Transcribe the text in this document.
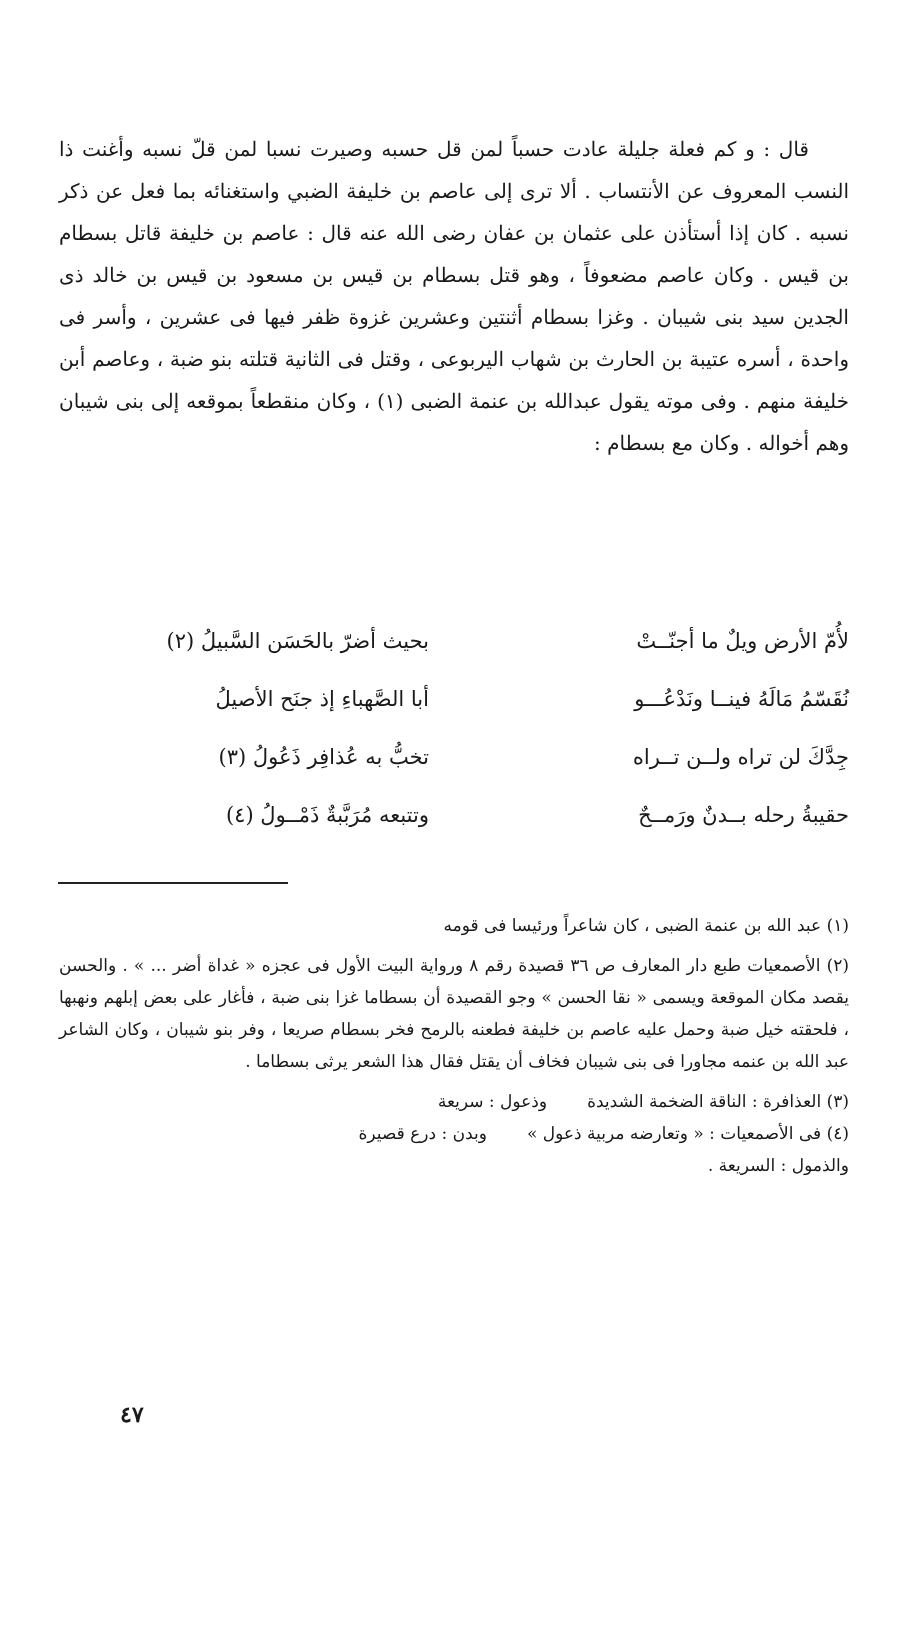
قال : و كم فعلة جليلة عادت حسباً لمن قل حسبه وصيرت نسبا لمن قلّ نسبه وأغنت ذا النسب المعروف عن الأنتساب . ألا ترى إلى عاصم بن خليفة الضبي واستغنائه بما فعل عن ذكر نسبه . كان إذا أستأذن على عثمان بن عفان رضى الله عنه قال : عاصم بن خليفة قاتل بسطام بن قيس . وكان عاصم مضعوفاً ، وهو قتل بسطام بن قيس بن مسعود بن قيس بن خالد ذى الجدين سيد بنى شيبان . وغزا بسطام أثنتين وعشرين غزوة ظفر فيها فى عشرين ، وأسر فى واحدة ، أسره عتيبة بن الحارث بن شهاب اليربوعى ، وقتل فى الثانية قتلته بنو ضبة ، وعاصم أبن خليفة منهم . وفى موته يقول عبدالله بن عنمة الضبى (١) ، وكان منقطعاً بموقعه إلى بنى شيبان وهم أخواله . وكان مع بسطام :

لأُمّ الأرض ويلٌ ما أجنّــتْ
بحيث أضرّ بالحَسَن السَّبيلُ (٢)
نُقَسّمُ مَالَهُ فينــا ونَدْعُـــو
أبا الصَّهباءِ إذ جنَح الأصيلُ
جِدَّكَ لن تراه ولــن تــراه
تخبُّ به عُذافِر ذَعُولُ (٣)
حقيبةُ رحله بــدنٌ ورَمــحٌ
وتتبعه مُرَبَّبةٌ ذَمْــولُ (٤)

(١) عبد الله بن عنمة الضبى ، كان شاعراً ورئيسا فى قومه

(٢) الأصمعيات طبع دار المعارف ص ٣٦ قصيدة رقم ٨ ورواية البيت الأول فى عجزه « غداة أضر ... » . والحسن يقصد مكان الموقعة ويسمى « نقا الحسن » وجو القصيدة أن بسطاما غزا بنى ضبة ، فأغار على بعض إبلهم ونهبها ، فلحقته خيل ضبة وحمل عليه عاصم بن خليفة فطعنه بالرمح فخر بسطام صريعا ، وفر بنو شيبان ، وكان الشاعر عبد الله بن عنمه مجاورا فى بنى شيبان فخاف أن يقتل فقال هذا الشعر يرثى بسطاما .

(٣) العذافرة : الناقة الضخمة الشديدة
وذعول : سريعة
(٤) فى الأصمعيات : « وتعارضه مربية ذعول »
وبدن : درع قصيرة

والذمول : السريعة .

٤٧
